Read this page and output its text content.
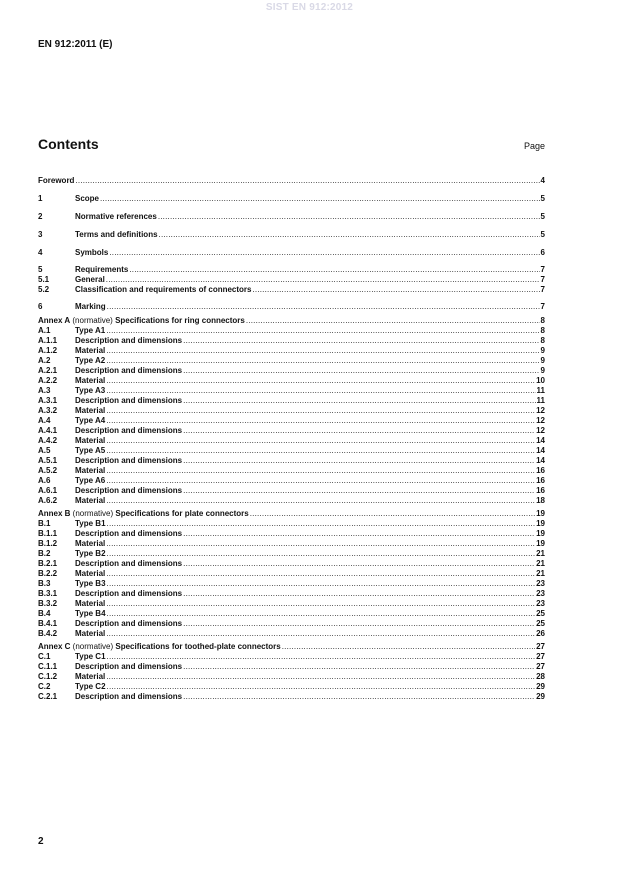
SIST EN 912:2012
EN 912:2011 (E)
Contents	Page
Foreword .....	4
1	Scope .....	5
2	Normative references .....	5
3	Terms and definitions .....	5
4	Symbols .....	6
5	Requirements .....	7
5.1	General .....	7
5.2	Classification and requirements of connectors .....	7
6	Marking .....	7
Annex A (normative) Specifications for ring connectors .....	8
A.1	Type A1 .....	8
A.1.1	Description and dimensions .....	8
A.1.2	Material .....	9
A.2	Type A2 .....	9
A.2.1	Description and dimensions .....	9
A.2.2	Material .....	10
A.3	Type A3 .....	11
A.3.1	Description and dimensions .....	11
A.3.2	Material .....	12
A.4	Type A4 .....	12
A.4.1	Description and dimensions .....	12
A.4.2	Material .....	14
A.5	Type A5 .....	14
A.5.1	Description and dimensions .....	14
A.5.2	Material .....	16
A.6	Type A6 .....	16
A.6.1	Description and dimensions .....	16
A.6.2	Material .....	18
Annex B (normative) Specifications for plate connectors .....	19
B.1	Type B1 .....	19
B.1.1	Description and dimensions .....	19
B.1.2	Material .....	19
B.2	Type B2 .....	21
B.2.1	Description and dimensions .....	21
B.2.2	Material .....	21
B.3	Type B3 .....	23
B.3.1	Description and dimensions .....	23
B.3.2	Material .....	23
B.4	Type B4 .....	25
B.4.1	Description and dimensions .....	25
B.4.2	Material .....	26
Annex C (normative) Specifications for toothed-plate connectors .....	27
C.1	Type C1 .....	27
C.1.1	Description and dimensions .....	27
C.1.2	Material .....	28
C.2	Type C2 .....	29
C.2.1	Description and dimensions .....	29
2
